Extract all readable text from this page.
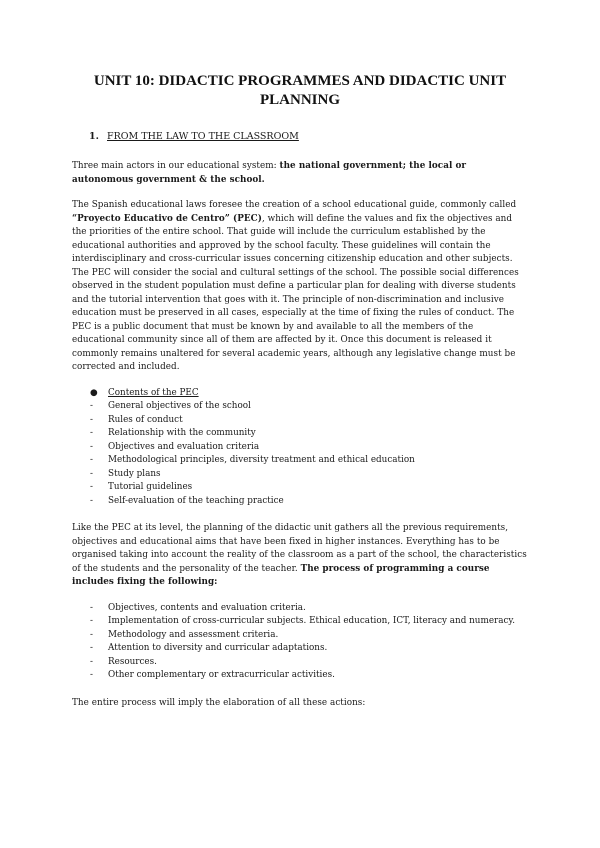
UNIT 10: DIDACTIC PROGRAMMES AND DIDACTIC UNIT
PLANNING
1. FROM THE LAW TO THE CLASSROOM

Three main actors in our educational system: the national government; the local or autonomous government & the school.

The Spanish educational laws foresee the creation of a school educational guide, commonly called “Proyecto Educativo de Centro” (PEC), which will define the values and fix the objectives and the priorities of the entire school. That guide will include the curriculum established by the educational authorities and approved by the school faculty. These guidelines will contain the interdisciplinary and cross-curricular issues concerning citizenship education and other subjects. The PEC will consider the social and cultural settings of the school. The possible social differences observed in the student population must define a particular plan for dealing with diverse students and the tutorial intervention that goes with it. The principle of non-discrimination and inclusive education must be preserved in all cases, especially at the time of fixing the rules of conduct. The PEC is a public document that must be known by and available to all the members of the educational community since all of them are affected by it. Once this document is released it commonly remains unaltered for several academic years, although any legislative change must be corrected and included.

● Contents of the PEC
- General objectives of the school
- Rules of conduct
- Relationship with the community
- Objectives and evaluation criteria
- Methodological principles, diversity treatment and ethical education
- Study plans
- Tutorial guidelines
- Self-evaluation of the teaching practice

Like the PEC at its level, the planning of the didactic unit gathers all the previous requirements, objectives and educational aims that have been fixed in higher instances. Everything has to be organised taking into account the reality of the classroom as a part of the school, the characteristics of the students and the personality of the teacher. The process of programming a course includes fixing the following:

- Objectives, contents and evaluation criteria.
- Implementation of cross-curricular subjects. Ethical education, ICT, literacy and numeracy.
- Methodology and assessment criteria.
- Attention to diversity and curricular adaptations.
- Resources.
- Other complementary or extracurricular activities.

The entire process will imply the elaboration of all these actions:
